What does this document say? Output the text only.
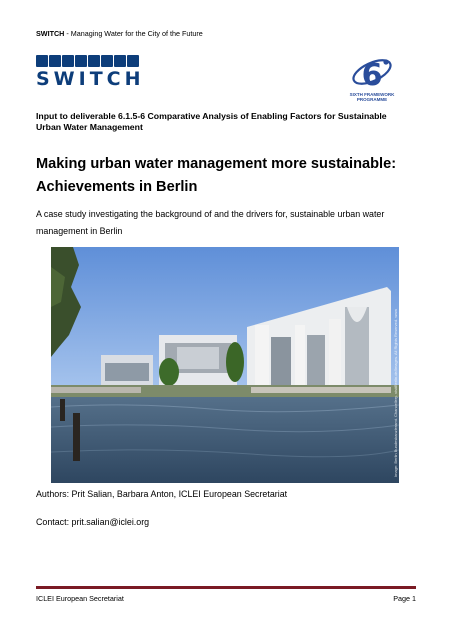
SWITCH - Managing Water for the City of the Future
SWITCH	6
SIXTH FRAMEWORK
PROGRAMME
Input to deliverable 6.1.5-6 Comparative Analysis of Enabling Factors for Sustainable Urban Water Management
Making urban water management more sustainable:
Achievements in Berlin
A case study investigating the background of and the drivers for, sustainable urban water management in Berlin
Image: Berlin Bundeskanzleramt. Chancellery. visitBerlin.de/Images. All Rights Reserved. www
Authors: Prit Salian, Barbara Anton, ICLEI European Secretariat
Contact: prit.salian@iclei.org
ICLEI European Secretariat	Page 1
